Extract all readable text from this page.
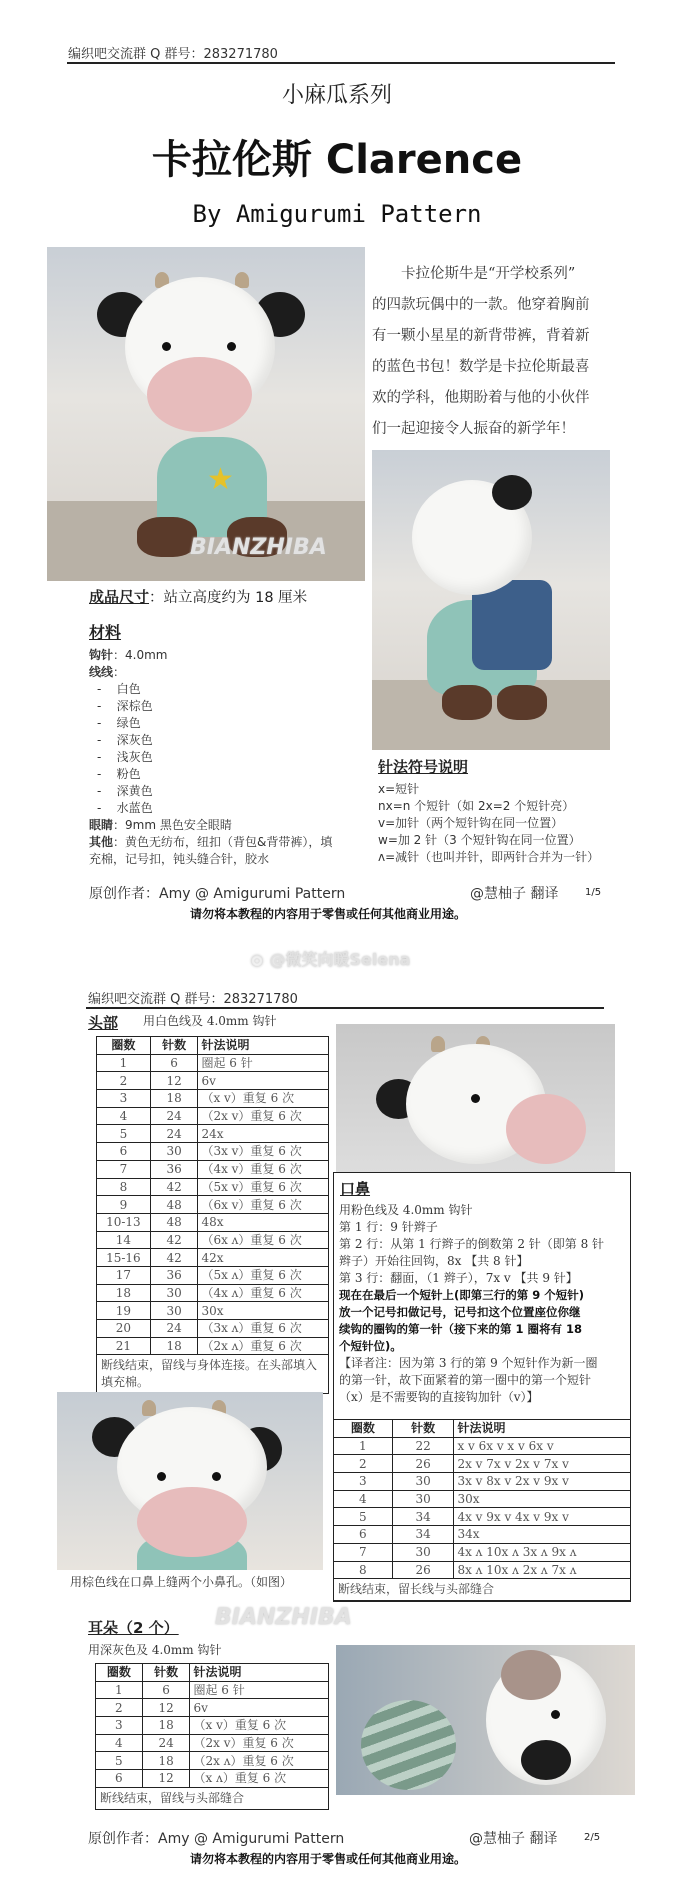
编织吧交流群 Q 群号：283271780
小麻瓜系列
卡拉伦斯 Clarence
By Amigurumi Pattern
★
　　卡拉伦斯牛是“开学校系列”
的四款玩偶中的一款。他穿着胸前
有一颗小星星的新背带裤，背着新
的蓝色书包！数学是卡拉伦斯最喜
欢的学科，他期盼着与他的小伙伴
们一起迎接令人振奋的新学年！
BIANZHIBA
成品尺寸：站立高度约为 18 厘米
材料
钩针：4.0mm
线线：
-    白色
-    深棕色
-    绿色
-    深灰色
-    浅灰色
-    粉色
-    深黄色
-    水蓝色
眼睛：9mm 黑色安全眼睛
其他：黄色无纺布，纽扣（背包&背带裤），填
充棉，记号扣，钝头缝合针，胶水
针法符号说明
x=短针
nx=n 个短针（如 2x=2 个短针亮）
v=加针（两个短针钩在同一位置）
w=加 2 针（3 个短针钩在同一位置）
ʌ=减针（也叫并针，即两针合并为一针）
原创作者：Amy @ Amigurumi Pattern	@慧柚子 翻译	1/5
请勿将本教程的内容用于零售或任何其他商业用途。
◎ @微笑向暖Selena
编织吧交流群 Q 群号：283271780
头部 用白色线及 4.0mm 钩针
圈数	针数	针法说明
1	6	圈起 6 针
2	12	6v
3	18	（x v）重复 6 次
4	24	（2x v）重复 6 次
5	24	24x
6	30	（3x v）重复 6 次
7	36	（4x v）重复 6 次
8	42	（5x v）重复 6 次
9	48	（6x v）重复 6 次
10-13	48	48x
14	42	（6x ʌ）重复 6 次
15-16	42	42x
17	36	（5x ʌ）重复 6 次
18	30	（4x ʌ）重复 6 次
19	30	30x
20	24	（3x ʌ）重复 6 次
21	18	（2x ʌ）重复 6 次
断线结束，留线与身体连接。在头部填入填充棉。		
口鼻
用粉色线及 4.0mm 钩针
第 1 行：9 针辫子
第 2 行：从第 1 行辫子的倒数第 2 针（即第 8 针
辫子）开始往回钩，8x 【共 8 针】
第 3 行：翻面，（1 辫子），7x v 【共 9 针】
现在在最后一个短针上(即第三行的第 9 个短针)
放一个记号扣做记号，记号扣这个位置座位你继
续钩的圈钩的第一针（接下来的第 1 圈将有 18
个短针位)。
【译者注：因为第 3 行的第 9 个短针作为新一圈
的第一针，故下面紧着的第一圈中的第一个短针
（x）是不需要钩的直接钩加针（v）】
圈数	针数	针法说明
1	22	x v 6x v x v 6x v
2	26	2x v 7x v 2x v 7x v
3	30	3x v 8x v 2x v 9x v
4	30	30x
5	34	4x v 9x v 4x v 9x v
6	34	34x
7	30	4x ʌ 10x ʌ 3x ʌ 9x ʌ
8	26	8x ʌ 10x ʌ 2x ʌ 7x ʌ
断线结束，留长线与头部缝合		
用棕色线在口鼻上缝两个小鼻孔。（如图）
BIANZHIBA
耳朵（2 个）
用深灰色及 4.0mm 钩针
圈数	针数	针法说明
1	6	圈起 6 针
2	12	6v
3	18	（x v）重复 6 次
4	24	（2x v）重复 6 次
5	18	（2x ʌ）重复 6 次
6	12	（x ʌ）重复 6 次
断线结束，留线与头部缝合		
原创作者：Amy @ Amigurumi Pattern	@慧柚子 翻译	2/5
请勿将本教程的内容用于零售或任何其他商业用途。
